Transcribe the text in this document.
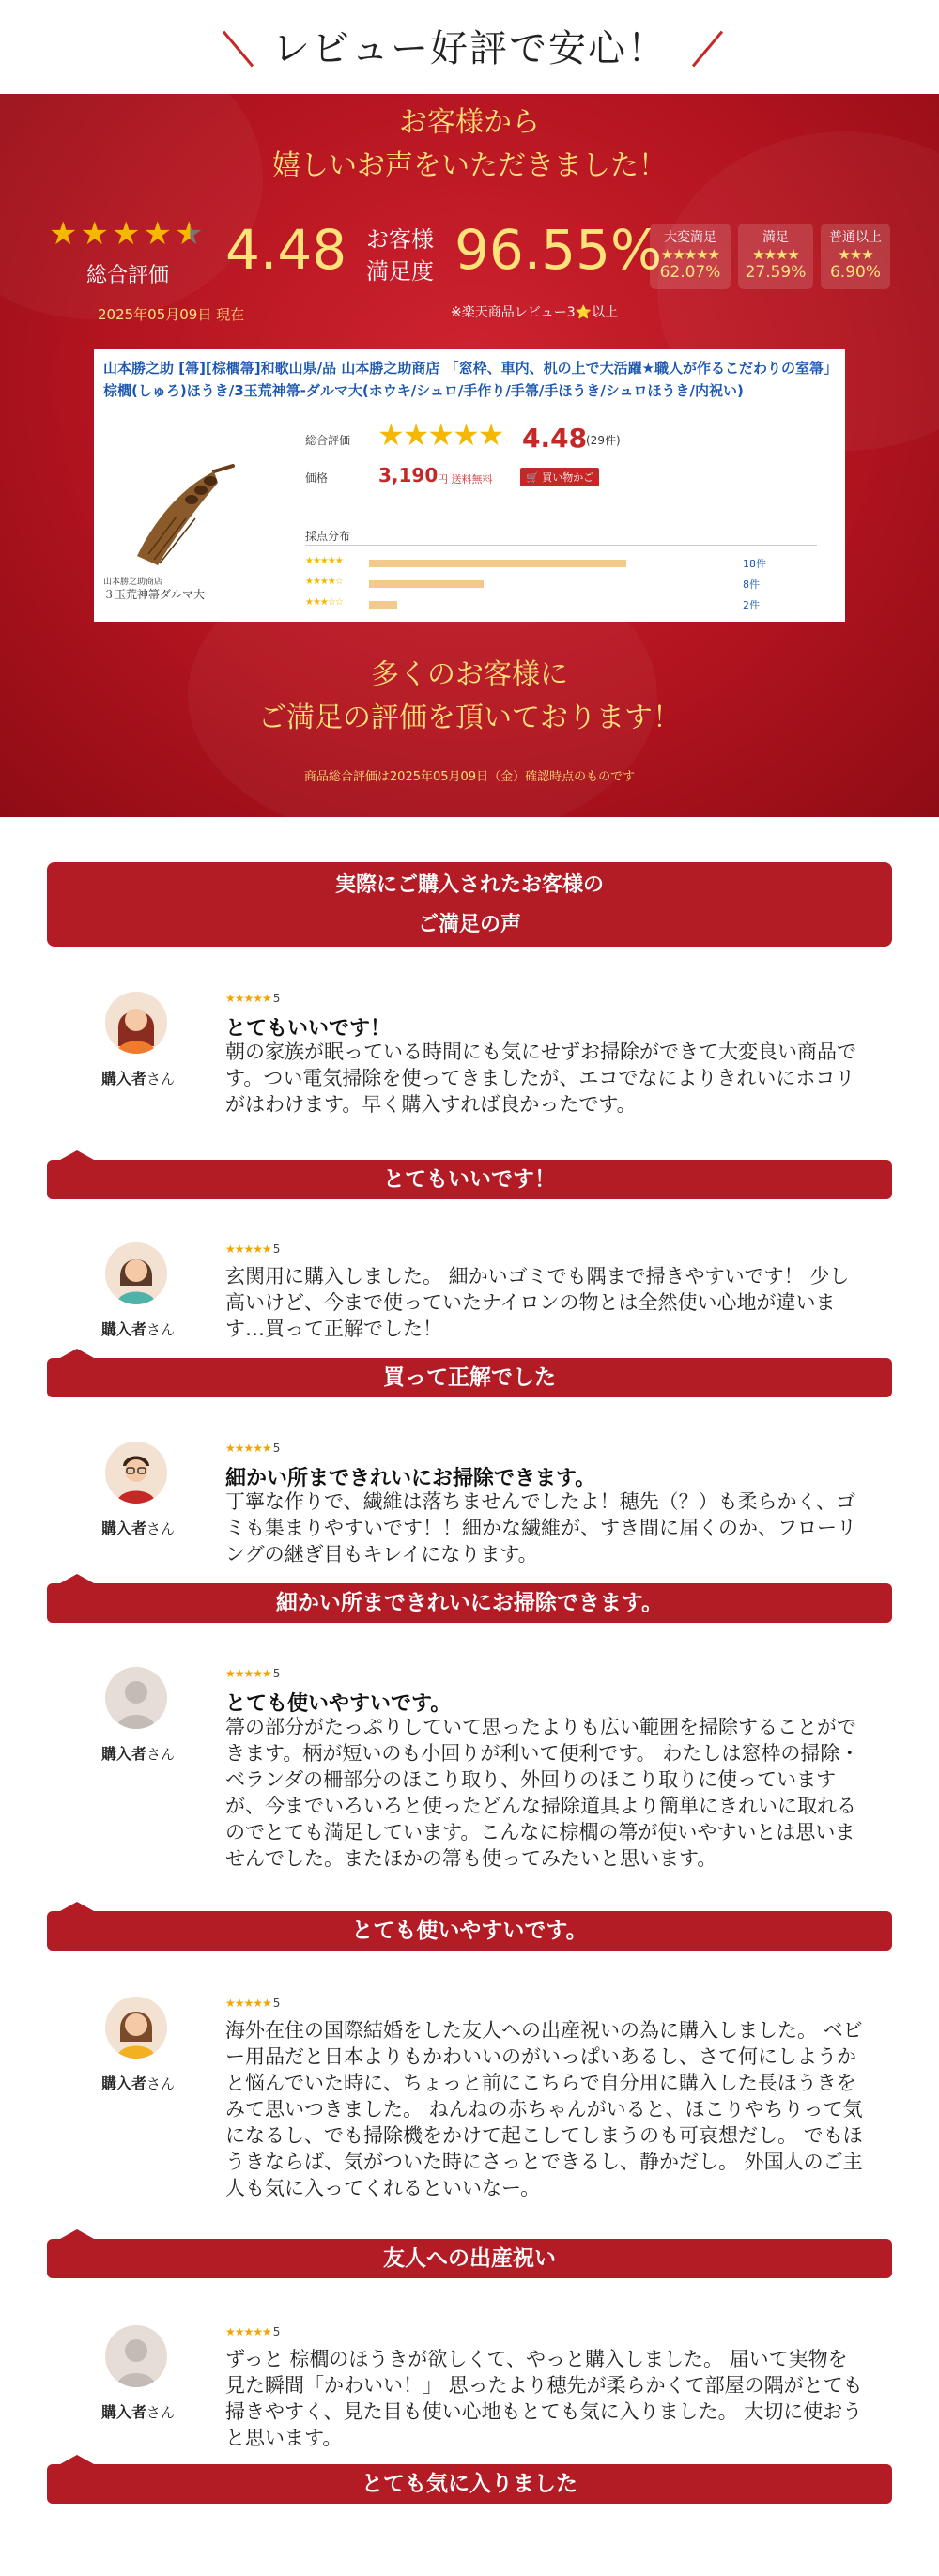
レビュー好評で安心！
お客様から
嬉しいお声をいただきました！
★ ★ ★ ★ ★
総合評価 4.48
2025年05月09日 現在
お客様
満足度 96.55% 大変満足
★★★★★
62.07%
満足
★★★★
27.59%
普通以上
★★★
6.90%
※楽天商品レビュー3⭐以上
山本勝之助 [箒][棕櫚箒]和歌山県/品 山本勝之助商店 「窓枠、車内、机の上で大活躍★職人が作るこだわりの室箒」棕櫚(しゅろ)ほうき/3玉荒神箒-ダルマ大(ホウキ/シュロ/手作り/手箒/手ほうき/シュロほうき/内祝い)
山本勝之助商店
３玉荒神箒ダルマ大
総合評価 ★★★★★ 4.48
(29件)
価格	3,190 円 送料無料	🛒 買い物かご
採点分布
★★★★★	18件
★★★★☆	8件
★★★☆☆	2件
多くのお客様に
ご満足の評価を頂いております！
商品総合評価は2025年05月09日（金）確認時点のものです
実際にご購入されたお客様の
ご満足の声
購入者さん
★★★★★ 5
とてもいいです！
朝の家族が眠っている時間にも気にせずお掃除ができて大変良い商品です。つい電気掃除を使ってきましたが、エコでなによりきれいにホコリがはわけます。早く購入すれば良かったです。
とてもいいです！
購入者さん
★★★★★ 5
玄関用に購入しました。 細かいゴミでも隅まで掃きやすいです！ 少し高いけど、今まで使っていたナイロンの物とは全然使い心地が違います…買って正解でした！
買って正解でした
購入者さん
★★★★★ 5
細かい所まできれいにお掃除できます。
丁寧な作りで、繊維は落ちませんでしたよ！穂先（？）も柔らかく、ゴミも集まりやすいです！！細かな繊維が、すき間に届くのか、フローリングの継ぎ目もキレイになります。
細かい所まできれいにお掃除できます。
購入者さん
★★★★★ 5
とても使いやすいです。
箒の部分がたっぷりしていて思ったよりも広い範囲を掃除することができます。柄が短いのも小回りが利いて便利です。 わたしは窓枠の掃除・ベランダの柵部分のほこり取り、外回りのほこり取りに使っていますが、今までいろいろと使ったどんな掃除道具より簡単にきれいに取れるのでとても満足しています。こんなに棕櫚の箒が使いやすいとは思いませんでした。またほかの箒も使ってみたいと思います。
とても使いやすいです。
購入者さん
★★★★★ 5
海外在住の国際結婚をした友人への出産祝いの為に購入しました。 ベビー用品だと日本よりもかわいいのがいっぱいあるし、さて何にしようかと悩んでいた時に、ちょっと前にこちらで自分用に購入した長ほうきをみて思いつきました。 ねんねの赤ちゃんがいると、ほこりやちりって気になるし、でも掃除機をかけて起こしてしまうのも可哀想だし。 でもほうきならば、気がついた時にさっとできるし、静かだし。 外国人のご主人も気に入ってくれるといいなー。
友人への出産祝い
購入者さん
★★★★★ 5
ずっと 棕櫚のほうきが欲しくて、やっと購入しました。 届いて実物を見た瞬間「かわいい！」 思ったより穂先が柔らかくて部屋の隅がとても掃きやすく、見た目も使い心地もとても気に入りました。 大切に使おうと思います。
とても気に入りました
